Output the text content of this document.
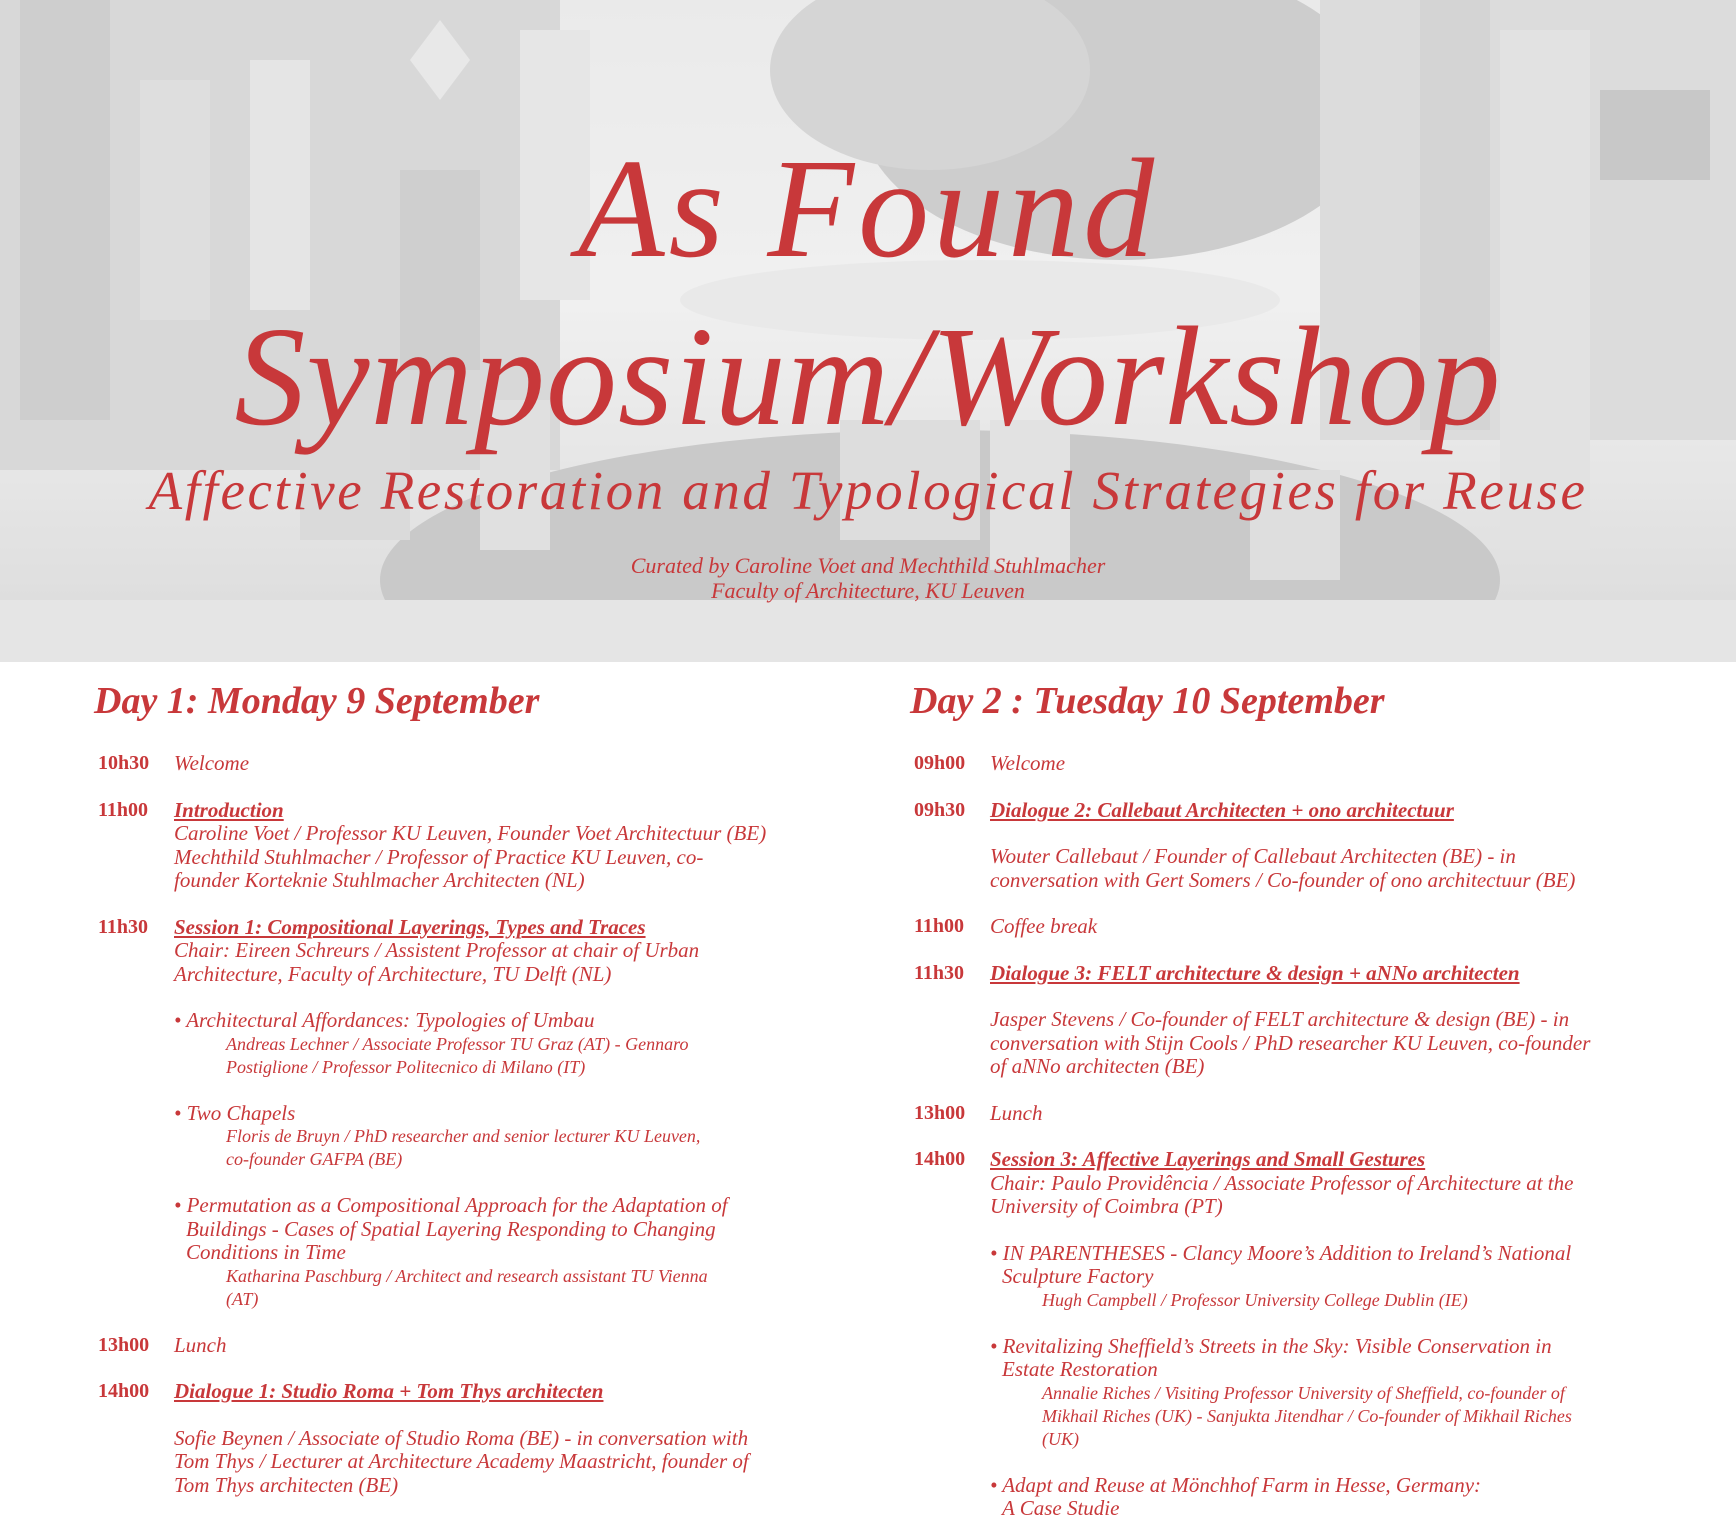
As Found
Symposium/Workshop
Affective Restoration and Typological Strategies for Reuse
Curated by Caroline Voet and Mechthild Stuhlmacher
Faculty of Architecture, KU Leuven
Day 1: Monday 9 September
10h30 Welcome
11h00 Introduction
Caroline Voet / Professor KU Leuven, Founder Voet Architectuur (BE)
Mechthild Stuhlmacher / Professor of Practice KU Leuven, co-
founder Korteknie Stuhlmacher Architecten (NL)
11h30 Session 1: Compositional Layerings, Types and Traces
Chair: Eireen Schreurs / Assistent Professor at chair of Urban
Architecture, Faculty of Architecture, TU Delft (NL)
• Architectural Affordances: Typologies of Umbau
Andreas Lechner / Associate Professor TU Graz (AT) - Gennaro
Postiglione / Professor Politecnico di Milano (IT)
• Two Chapels
Floris de Bruyn / PhD researcher and senior lecturer KU Leuven,
co-founder GAFPA (BE)
• Permutation as a Compositional Approach for the Adaptation of
Buildings - Cases of Spatial Layering Responding to Changing
Conditions in Time
Katharina Paschburg / Architect and research assistant TU Vienna
(AT)
13h00 Lunch
14h00 Dialogue 1: Studio Roma + Tom Thys architecten
Sofie Beynen / Associate of Studio Roma (BE) - in conversation with
Tom Thys / Lecturer at Architecture Academy Maastricht, founder of
Tom Thys architecten (BE)
Day 2 : Tuesday 10 September
09h00 Welcome
09h30 Dialogue 2: Callebaut Architecten + ono architectuur
Wouter Callebaut / Founder of Callebaut Architecten (BE) - in
conversation with Gert Somers / Co-founder of ono architectuur (BE)
11h00 Coffee break
11h30 Dialogue 3: FELT architecture & design + aNNo architecten
Jasper Stevens / Co-founder of FELT architecture & design (BE) - in
conversation with Stijn Cools / PhD researcher KU Leuven, co-founder
of aNNo architecten (BE)
13h00 Lunch
14h00 Session 3: Affective Layerings and Small Gestures
Chair: Paulo Providência / Associate Professor of Architecture at the
University of Coimbra (PT)
• IN PARENTHESES - Clancy Moore’s Addition to Ireland’s National
Sculpture Factory
Hugh Campbell / Professor University College Dublin (IE)
• Revitalizing Sheffield’s Streets in the Sky: Visible Conservation in
Estate Restoration
Annalie Riches / Visiting Professor University of Sheffield, co-founder of
Mikhail Riches (UK) - Sanjukta Jitendhar / Co-founder of Mikhail Riches
(UK)
• Adapt and Reuse at Mönchhof Farm in Hesse, Germany:
A Case Studie
